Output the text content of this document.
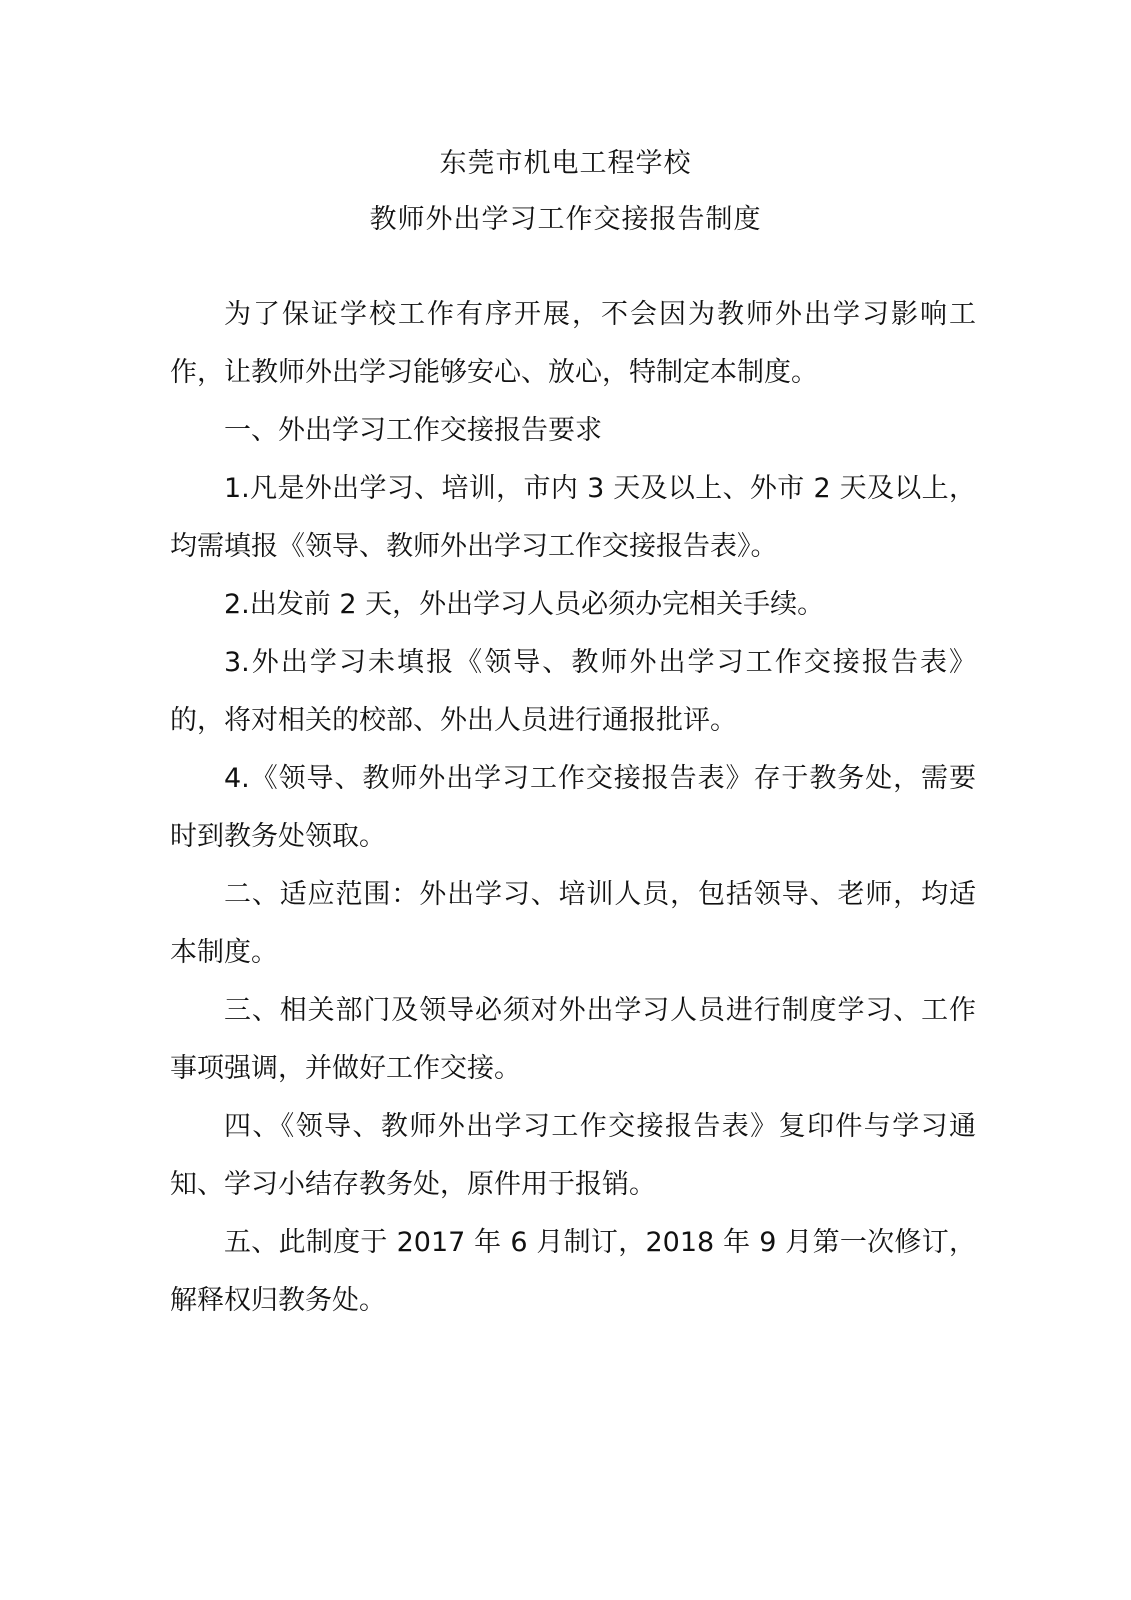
东莞市机电工程学校
教师外出学习工作交接报告制度

为了保证学校工作有序开展，不会因为教师外出学习影响工作，让教师外出学习能够安心、放心，特制定本制度。

一、外出学习工作交接报告要求

1.凡是外出学习、培训，市内 3 天及以上、外市 2 天及以上，均需填报《领导、教师外出学习工作交接报告表》。

2.出发前 2 天，外出学习人员必须办完相关手续。

3.外出学习未填报《领导、教师外出学习工作交接报告表》的，将对相关的校部、外出人员进行通报批评。

4.《领导、教师外出学习工作交接报告表》存于教务处，需要时到教务处领取。

二、适应范围：外出学习、培训人员，包括领导、老师，均适本制度。

三、相关部门及领导必须对外出学习人员进行制度学习、工作事项强调，并做好工作交接。

四、《领导、教师外出学习工作交接报告表》复印件与学习通知、学习小结存教务处，原件用于报销。

五、此制度于 2017 年 6 月制订，2018 年 9 月第一次修订，解释权归教务处。
